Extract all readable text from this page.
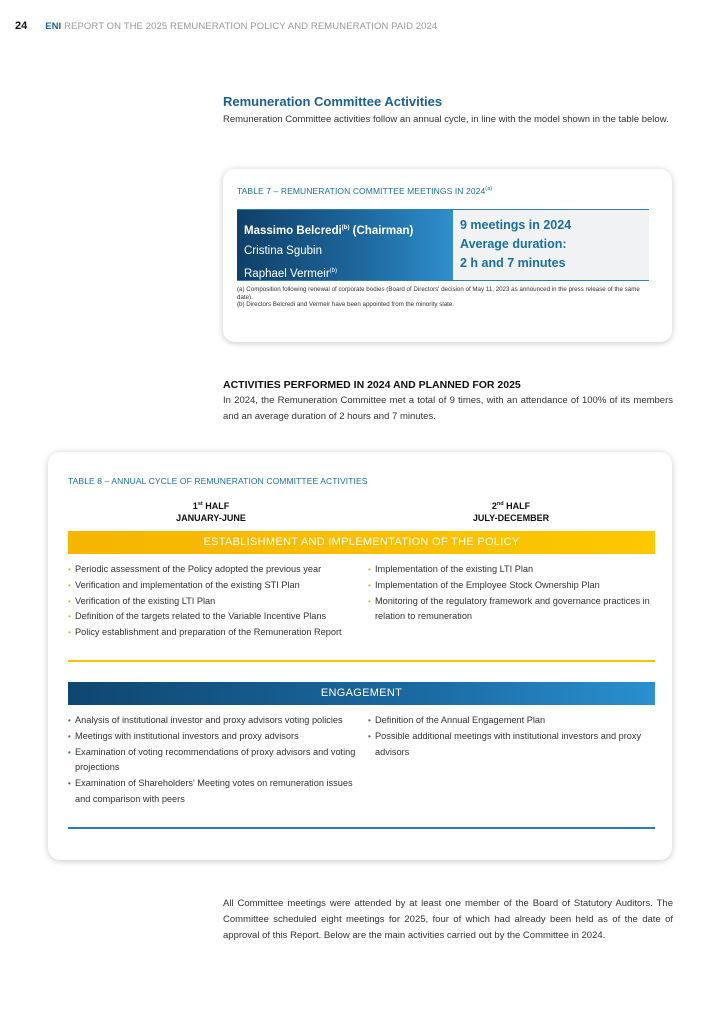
24 ENI REPORT ON THE 2025 REMUNERATION POLICY AND REMUNERATION PAID 2024
Remuneration Committee Activities

Remuneration Committee activities follow an annual cycle, in line with the model shown in the table below.

TABLE 7 – REMUNERATION COMMITTEE MEETINGS IN 2024$^{(a)}$
Massimo Belcredi$^{(b)}$ (Chairman)
Cristina Sgubin
Raphael Vermeir$^{(b)}$
9 meetings in 2024
Average duration:
2 h and 7 minutes
(a) Composition following renewal of corporate bodies (Board of Directors' decision of May 11, 2023 as announced in the press release of the same date).
(b) Directors Belcredi and Vermeir have been appointed from the minority slate.
ACTIVITIES PERFORMED IN 2024 AND PLANNED FOR 2025

In 2024, the Remuneration Committee met a total of 9 times, with an attendance of 100% of its members and an average duration of 2 hours and 7 minutes.

TABLE 8 – ANNUAL CYCLE OF REMUNERATION COMMITTEE ACTIVITIES
1st HALF
JANUARY-JUNE
2nd HALF
JULY-DECEMBER
ESTABLISHMENT AND IMPLEMENTATION OF THE POLICY
• Periodic assessment of the Policy adopted the previous year
• Verification and implementation of the existing STI Plan
• Verification of the existing LTI Plan
• Definition of the targets related to the Variable Incentive Plans
• Policy establishment and preparation of the Remuneration Report
• Implementation of the existing LTI Plan
• Implementation of the Employee Stock Ownership Plan
• Monitoring of the regulatory framework and governance practices in relation to remuneration
ENGAGEMENT
• Analysis of institutional investor and proxy advisors voting policies
• Meetings with institutional investors and proxy advisors
• Examination of voting recommendations of proxy advisors and voting projections
• Examination of Shareholders' Meeting votes on remuneration issues and comparison with peers
• Definition of the Annual Engagement Plan
• Possible additional meetings with institutional investors and proxy advisors

All Committee meetings were attended by at least one member of the Board of Statutory Auditors. The Committee scheduled eight meetings for 2025, four of which had already been held as of the date of approval of this Report. Below are the main activities carried out by the Committee in 2024.
